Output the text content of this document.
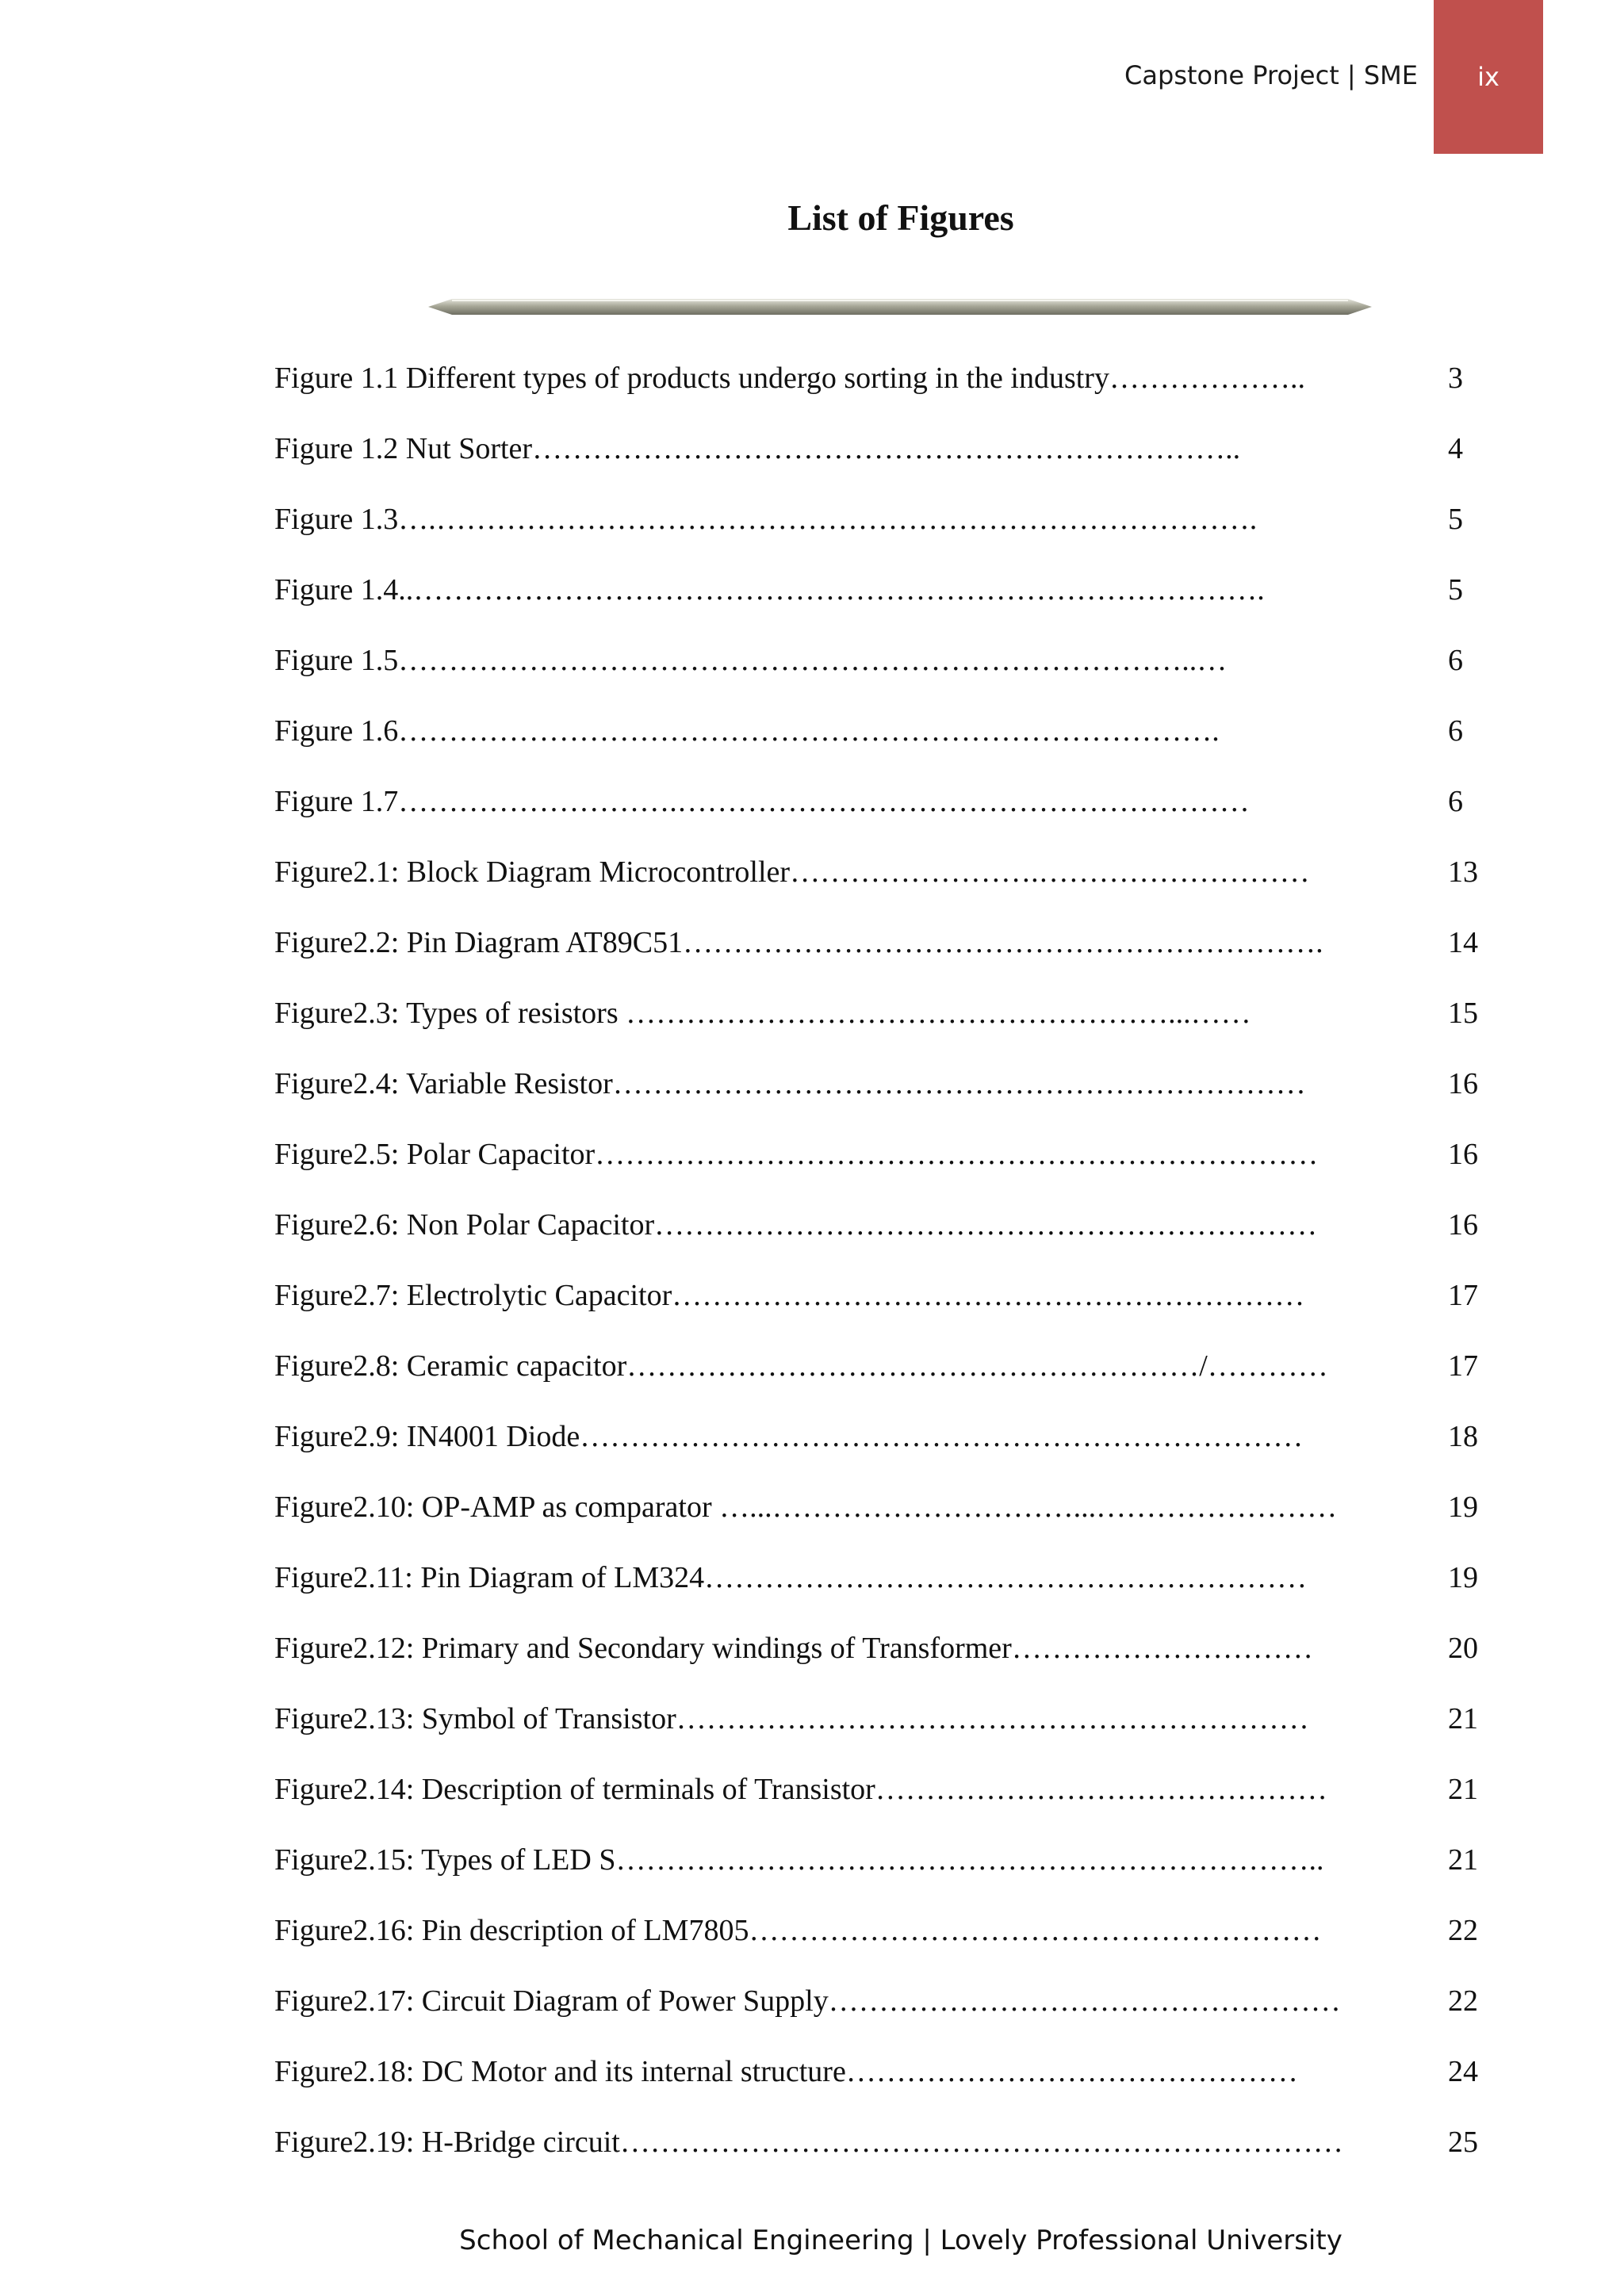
Capstone Project | SME ix
List of Figures
Figure 1.1 Different types of products undergo sorting in the industry………………..	3
Figure 1.2 Nut Sorter……………………………………………………………..	4
Figure 1.3….……………………………………………………………………….	5
Figure 1.4..………………………………………………………………………….	5
Figure 1.5……………………………………………………………………..…	6
Figure 1.6……………………………………………………………………….	6
Figure 1.7……………………….…………………………………………………	6
Figure2.1: Block Diagram Microcontroller…………………….………………………	13
Figure2.2: Pin Diagram AT89C51……………………………………………………….	14
Figure2.3: Types of resistors ………………………………………………...……	15
Figure2.4: Variable Resistor……………………………………………………………	16
Figure2.5: Polar Capacitor………………………………………………………………	16
Figure2.6: Non Polar Capacitor…………………………………………………………	16
Figure2.7: Electrolytic Capacitor………………………………………………………	17
Figure2.8: Ceramic capacitor…………………………………………………/…………	17
Figure2.9: IN4001 Diode………………………………………………………………	18
Figure2.10: OP-AMP as comparator …...…………………………...……………………	19
Figure2.11: Pin Diagram of LM324……………………………………………………	19
Figure2.12: Primary and Secondary windings of Transformer…………………………	20
Figure2.13: Symbol of Transistor………………………………………………………	21
Figure2.14: Description of terminals of Transistor………………………………………	21
Figure2.15: Types of LED S……………………………………………………………..	21
Figure2.16: Pin description of LM7805…………………………………………………	22
Figure2.17: Circuit Diagram of Power Supply……………………………………………	22
Figure2.18: DC Motor and its internal structure………………………………………	24
Figure2.19: H-Bridge circuit………………………………………………………………	25
School of Mechanical Engineering | Lovely Professional University
